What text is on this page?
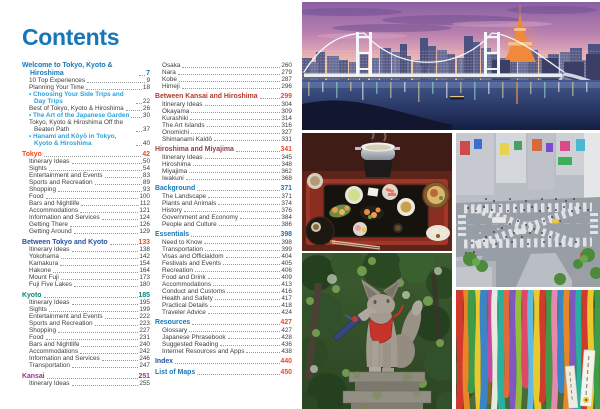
Contents
Welcome to Tokyo, Kyoto & Hiroshima	7
10 Top Experiences	9
Planning Your Time	18
• Choosing Your Side Trips and Day Trips	22
Best of Tokyo, Kyoto & Hiroshima	26
• The Art of the Japanese Garden 30
Tokyo, Kyoto & Hiroshima Off the Beaten Path	37
• Hanami and Kōyō in Tokyo, Kyoto & Hiroshima	40
Tokyo	42
Itinerary Ideas	50
Sights	54
Entertainment and Events	83
Sports and Recreation	89
Shopping	93
Food	100
Bars and Nightlife	112
Accommodations	121
Information and Services	124
Getting There	126
Getting Around	129
Between Tokyo and Kyoto	133
Itinerary Ideas	138
Yokohama	142
Kamakura	154
Hakone	164
Mount Fuji	173
Fuji Five Lakes	180
Kyoto	185
Itinerary Ideas	195
Sights	199
Entertainment and Events	222
Sports and Recreation	223
Shopping	227
Food	231
Bars and Nightlife	240
Accommodations	242
Information and Services	246
Transportation	247
Kansai	251
Itinerary Ideas	255
Osaka	260
Nara	279
Kobe	287
Himeji	296
Between Kansai and Hiroshima	299
Itinerary Ideas	304
Okayama	309
Kurashiki	314
The Art Islands	316
Onomichi	327
Shimanami Kaidō	331
Hiroshima and Miyajima	341
Itinerary Ideas	345
Hiroshima	348
Miyajima	362
Iwakuni	368
Background	371
The Landscape	371
Plants and Animals	374
History	376
Government and Economy	384
People and Culture	386
Essentials	398
Need to Know	398
Transportation	399
Visas and Officialdom	404
Festivals and Events	405
Recreation	406
Food and Drink	409
Accommodations	413
Conduct and Customs	416
Health and Safety	417
Practical Details	418
Traveler Advice	424
Resources	427
Glossary	427
Japanese Phrasebook	428
Suggested Reading	436
Internet Resources and Apps	438
Index	440
List of Maps	450
